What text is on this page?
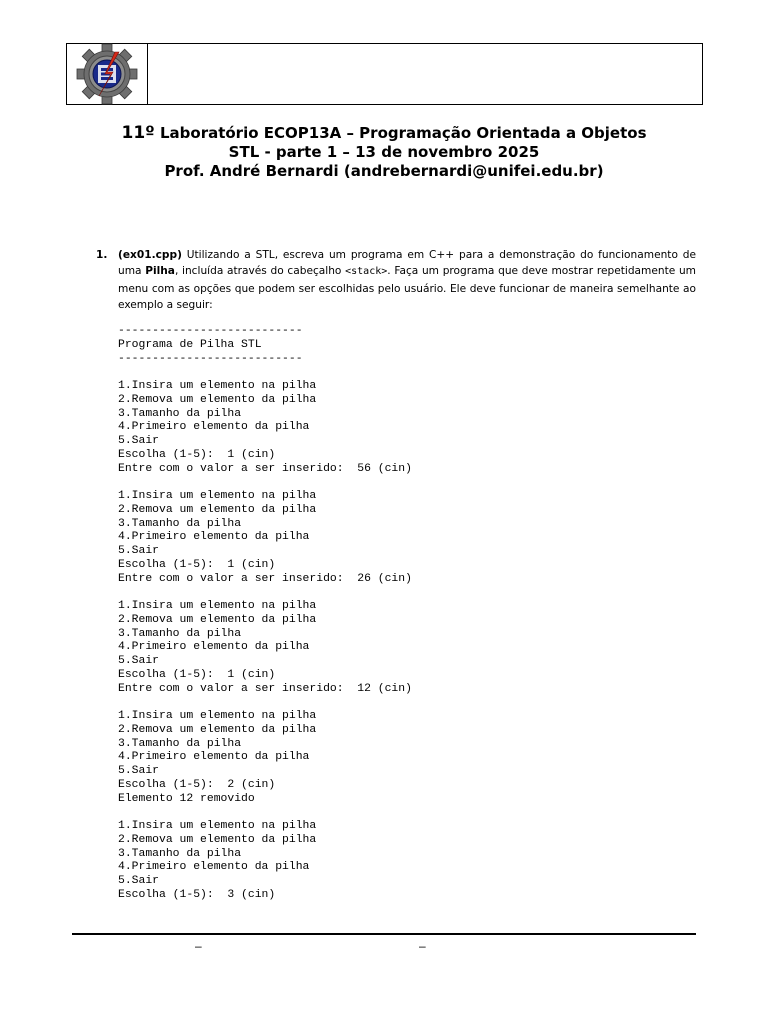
11º Laboratório ECOP13A – Programação Orientada a Objetos
STL - parte 1 – 13 de novembro 2025
Prof. André Bernardi (andrebernardi@unifei.edu.br)
1. (ex01.cpp) Utilizando a STL, escreva um programa em C++ para a demonstração do funcionamento de uma Pilha, incluída através do cabeçalho <stack>. Faça um programa que deve mostrar repetidamente um menu com as opções que podem ser escolhidas pelo usuário. Ele deve funcionar de maneira semelhante ao exemplo a seguir:
---------------------------
Programa de Pilha STL
---------------------------
1.Insira um elemento na pilha
2.Remova um elemento da pilha
3.Tamanho da pilha
4.Primeiro elemento da pilha
5.Sair
Escolha (1-5):  1 (cin)
Entre com o valor a ser inserido:  56 (cin)
1.Insira um elemento na pilha
2.Remova um elemento da pilha
3.Tamanho da pilha
4.Primeiro elemento da pilha
5.Sair
Escolha (1-5):  1 (cin)
Entre com o valor a ser inserido:  26 (cin)
1.Insira um elemento na pilha
2.Remova um elemento da pilha
3.Tamanho da pilha
4.Primeiro elemento da pilha
5.Sair
Escolha (1-5):  1 (cin)
Entre com o valor a ser inserido:  12 (cin)
1.Insira um elemento na pilha
2.Remova um elemento da pilha
3.Tamanho da pilha
4.Primeiro elemento da pilha
5.Sair
Escolha (1-5):  2 (cin)
Elemento 12 removido
1.Insira um elemento na pilha
2.Remova um elemento da pilha
3.Tamanho da pilha
4.Primeiro elemento da pilha
5.Sair
Escolha (1-5):  3 (cin)
–	–
